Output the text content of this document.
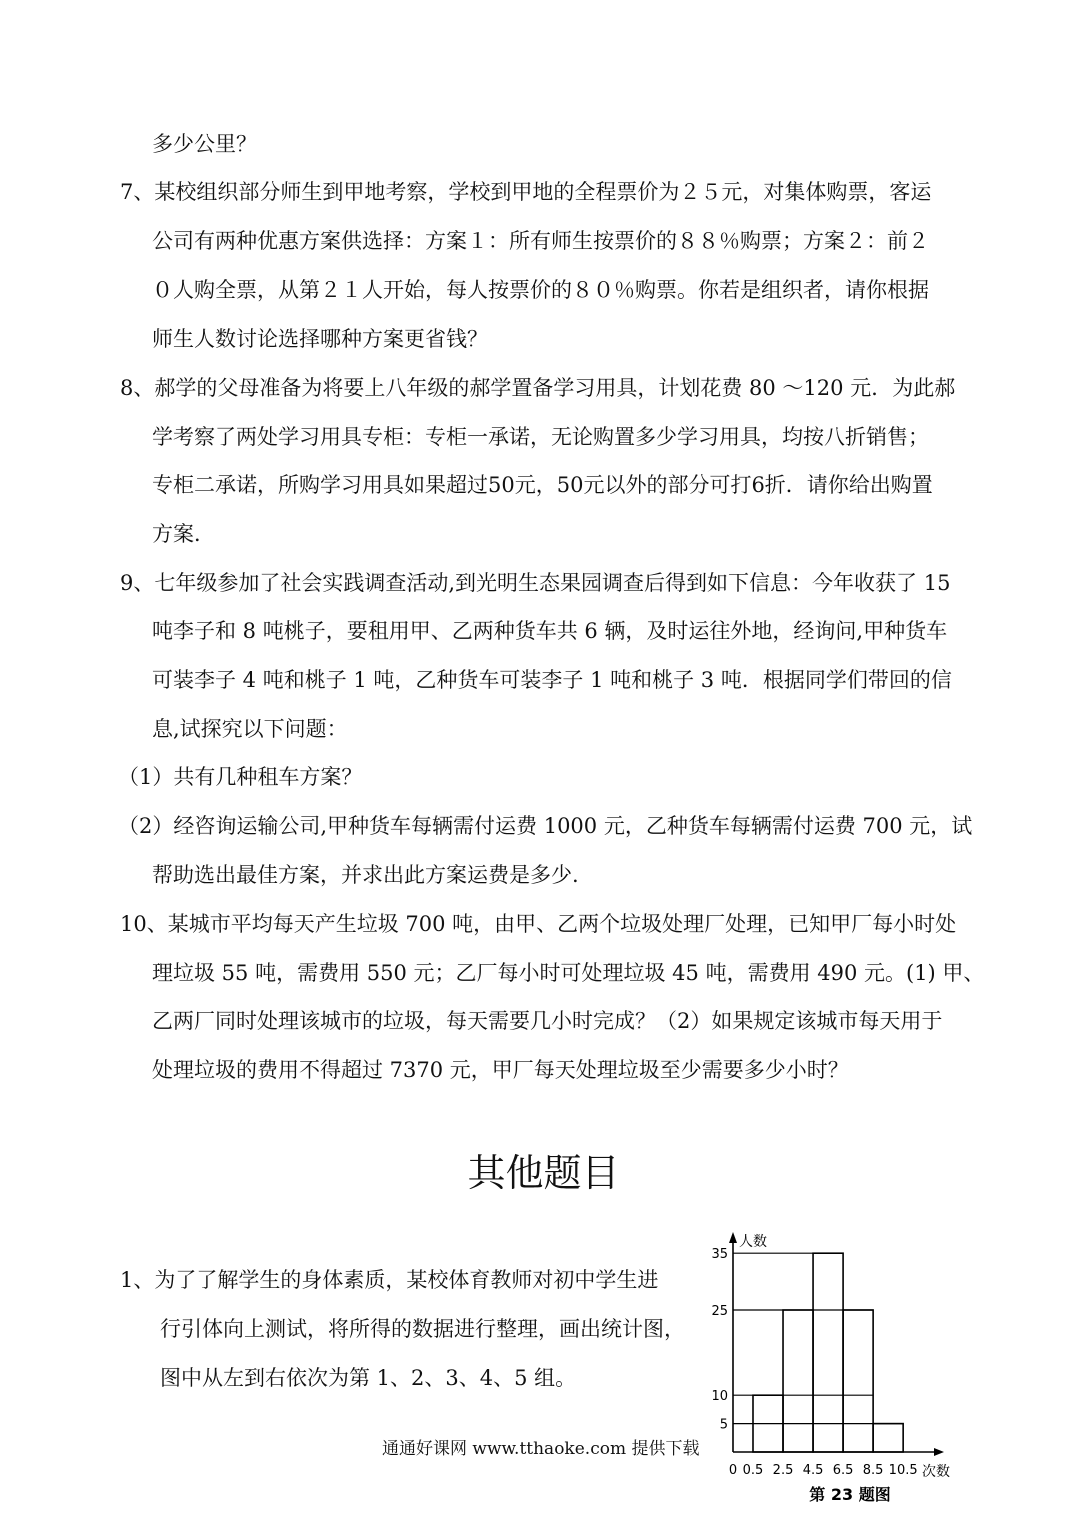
多少公里？
7、某校组织部分师生到甲地考察，学校到甲地的全程票价为２５元，对集体购票，客运
公司有两种优惠方案供选择：方案１：所有师生按票价的８８％购票；方案２：前２
０人购全票，从第２１人开始，每人按票价的８０％购票。你若是组织者，请你根据
师生人数讨论选择哪种方案更省钱？
8、郝学的父母准备为将要上八年级的郝学置备学习用具，计划花费 80 ～120 元．为此郝
学考察了两处学习用具专柜：专柜一承诺，无论购置多少学习用具，均按八折销售；
专柜二承诺，所购学习用具如果超过50元，50元以外的部分可打6折．请你给出购置
方案．
9、七年级参加了社会实践调查活动,到光明生态果园调查后得到如下信息：今年收获了 15
吨李子和 8 吨桃子，要租用甲、乙两种货车共 6 辆，及时运往外地，经询问,甲种货车
可装李子 4 吨和桃子 1 吨，乙种货车可装李子 1 吨和桃子 3 吨．根据同学们带回的信
息,试探究以下问题：
（1）共有几种租车方案？
（2）经咨询运输公司,甲种货车每辆需付运费 1000 元，乙种货车每辆需付运费 700 元，试
帮助选出最佳方案，并求出此方案运费是多少.
10、某城市平均每天产生垃圾 700 吨，由甲、乙两个垃圾处理厂处理，已知甲厂每小时处
理垃圾 55 吨，需费用 550 元；乙厂每小时可处理垃圾 45 吨，需费用 490 元。(1) 甲、
乙两厂同时处理该城市的垃圾，每天需要几小时完成？（2）如果规定该城市每天用于
处理垃圾的费用不得超过 7370 元，甲厂每天处理垃圾至少需要多少小时？
其他题目
1、为了了解学生的身体素质，某校体育教师对初中学生进
行引体向上测试，将所得的数据进行整理，画出统计图，
图中从左到右依次为第 1、2、3、4、5 组。
通通好课网 www.tthaoke.com 提供下载
5
10
25
35
0 0.5 2.5 4.5 6.5 8.5 10.5
人数
次数
第 23 题图
